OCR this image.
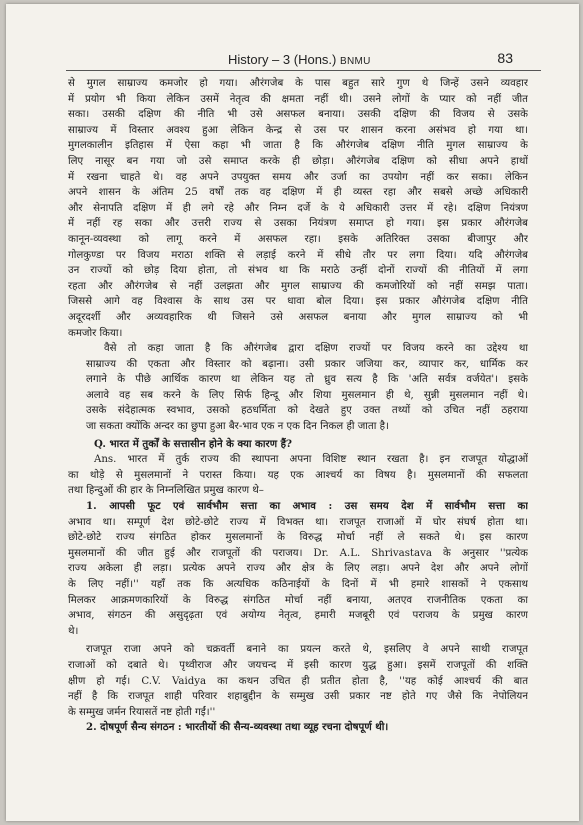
History – 3 (Hons.) BNMU	83

से मुगल साम्राज्य कमजोर हो गया। औरंगजेब के पास बहुत सारे गुण थे जिन्हें उसने व्यवहार
में प्रयोग भी किया लेकिन उसमें नेतृत्व की क्षमता नहीं थी। उसने लोगों के प्यार को नहीं जीत
सका। उसकी दक्षिण की नीति भी उसे असफल बनाया। उसकी दक्षिण की विजय से उसके
साम्राज्य में विस्तार अवश्य हुआ लेकिन केन्द्र से उस पर शासन करना असंभव हो गया था।
मुगलकालीन इतिहास में ऐसा कहा भी जाता है कि औरंगजेब दक्षिण नीति मुगल साम्राज्य के
लिए नासूर बन गया जो उसे समाप्त करके ही छोड़ा। औरंगजेब दक्षिण को सीधा अपने हाथों
में रखना चाहते थे। वह अपने उपयुक्त समय और उर्जा का उपयोग नहीं कर सका। लेकिन
अपने शासन के अंतिम 25 वर्षों तक वह दक्षिण में ही व्यस्त रहा और सबसे अच्छे अधिकारी
और सेनापति दक्षिण में ही लगे रहे और निम्न दर्जे के ये अधिकारी उत्तर में रहे। दक्षिण नियंत्रण
में नहीं रह सका और उत्तरी राज्य से उसका नियंत्रण समाप्त हो गया। इस प्रकार औरंगजेब
कानून-व्यवस्था को लागू करने में असफल रहा। इसके अतिरिक्त उसका बीजापुर और
गोलकुण्डा पर विजय मराठा शक्ति से लड़ाई करने में सीधे तौर पर लगा दिया। यदि औरंगजेब
उन राज्यों को छोड़ दिया होता, तो संभव था कि मराठे उन्हीं दोनों राज्यों की नीतियों में लगा
रहता और औरंगजेब से नहीं उलझता और मुगल साम्राज्य की कमजोरियों को नहीं समझ पाता।
जिससे आगे वह विश्वास के साथ उस पर धावा बोल दिया। इस प्रकार औरंगजेब दक्षिण नीति
अदूरदर्शी और अव्यवहारिक थी जिसने उसे असफल बनाया और मुगल साम्राज्य को भी
कमजोर किया।

वैसे तो कहा जाता है कि औरंगजेब द्वारा दक्षिण राज्यों पर विजय करने का उद्देश्य था
साम्राज्य की एकता और विस्तार को बढ़ाना। उसी प्रकार जजिया कर, व्यापार कर, धार्मिक कर
लगाने के पीछे आर्थिक कारण था लेकिन यह तो ध्रुव सत्य है कि 'अति सर्वत्र वर्जयेत'। इसके
अलावे वह सब करने के लिए सिर्फ हिन्दू और शिया मुसलमान ही थे, सुन्नी मुसलमान नहीं थे।
उसके संदेहात्मक स्वभाव, उसको हठधर्मिता को देखते हुए उक्त तथ्यों को उचित नहीं ठहराया
जा सकता क्योंकि अन्दर का छुपा हुआ बैर-भाव एक न एक दिन निकल ही जाता है।

Q. भारत में तुर्कों के सत्तासीन होने के क्या कारण हैं?

Ans. भारत में तुर्क राज्य की स्थापना अपना विशिष्ट स्थान रखता है। इन राजपूत योद्धाओं
का थोड़े से मुसलमानों ने परास्त किया। यह एक आश्चर्य का विषय है। मुसलमानों की सफलता
तथा हिन्दुओं की हार के निम्नलिखित प्रमुख कारण थे–

1. आपसी फूट एवं सार्वभौम सत्ता का अभाव : उस समय देश में सार्वभौम सत्ता का
अभाव था। सम्पूर्ण देश छोटे-छोटे राज्य में विभक्त था। राजपूत राजाओं में घोर संघर्ष होता था।
छोटे-छोटे राज्य संगठित होकर मुसलमानों के विरुद्ध मोर्चा नहीं ले सकते थे। इस कारण
मुसलमानों की जीत हुई और राजपूतों की पराजय। Dr. A.L. Shrivastava के अनुसार ''प्रत्येक
राज्य अकेला ही लड़ा। प्रत्येक अपने राज्य और क्षेत्र के लिए लड़ा। अपने देश और अपने लोगों
के लिए नहीं।'' यहाँ तक कि अत्यधिक कठिनाईयों के दिनों में भी हमारे शासकों ने एकसाथ
मिलकर आक्रमणकारियों के विरुद्ध संगठित मोर्चा नहीं बनाया, अतएव राजनीतिक एकता का
अभाव, संगठन की असुदृढ़ता एवं अयोग्य नेतृत्व, हमारी मजबूरी एवं पराजय के प्रमुख कारण
थे।

राजपूत राजा अपने को चक्रवर्ती बनाने का प्रयत्न करते थे, इसलिए वे अपने साथी राजपूत
राजाओं को दबाते थे। पृथ्वीराज और जयचन्द में इसी कारण युद्ध हुआ। इसमें राजपूतों की शक्ति
क्षीण हो गई। C.V. Vaidya का कथन उचित ही प्रतीत होता है, ''यह कोई आश्चर्य की बात
नहीं है कि राजपूत शाही परिवार शहाबुद्दीन के सम्मुख उसी प्रकार नष्ट होते गए जैसे कि नेपोलियन
के सम्मुख जर्मन रियासतें नष्ट होती गईं।''

2. दोषपूर्ण सैन्य संगठन : भारतीयों की सैन्य-व्यवस्था तथा व्यूह रचना दोषपूर्ण थी।
